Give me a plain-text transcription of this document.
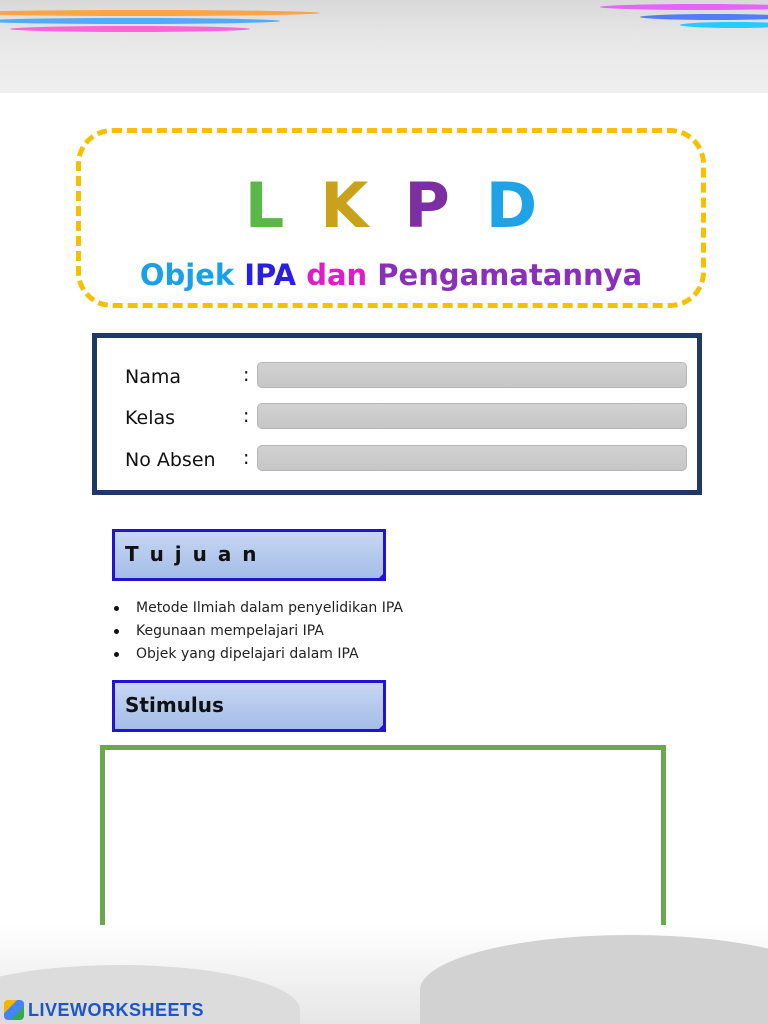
LKPD
Objek IPA dan Pengamatannya
Nama	:
Kelas	:
No Absen :
T u j u a n
Metode Ilmiah dalam penyelidikan IPA
Kegunaan mempelajari IPA
Objek yang dipelajari dalam IPA
Stimulus
LIVEWORKSHEETS
